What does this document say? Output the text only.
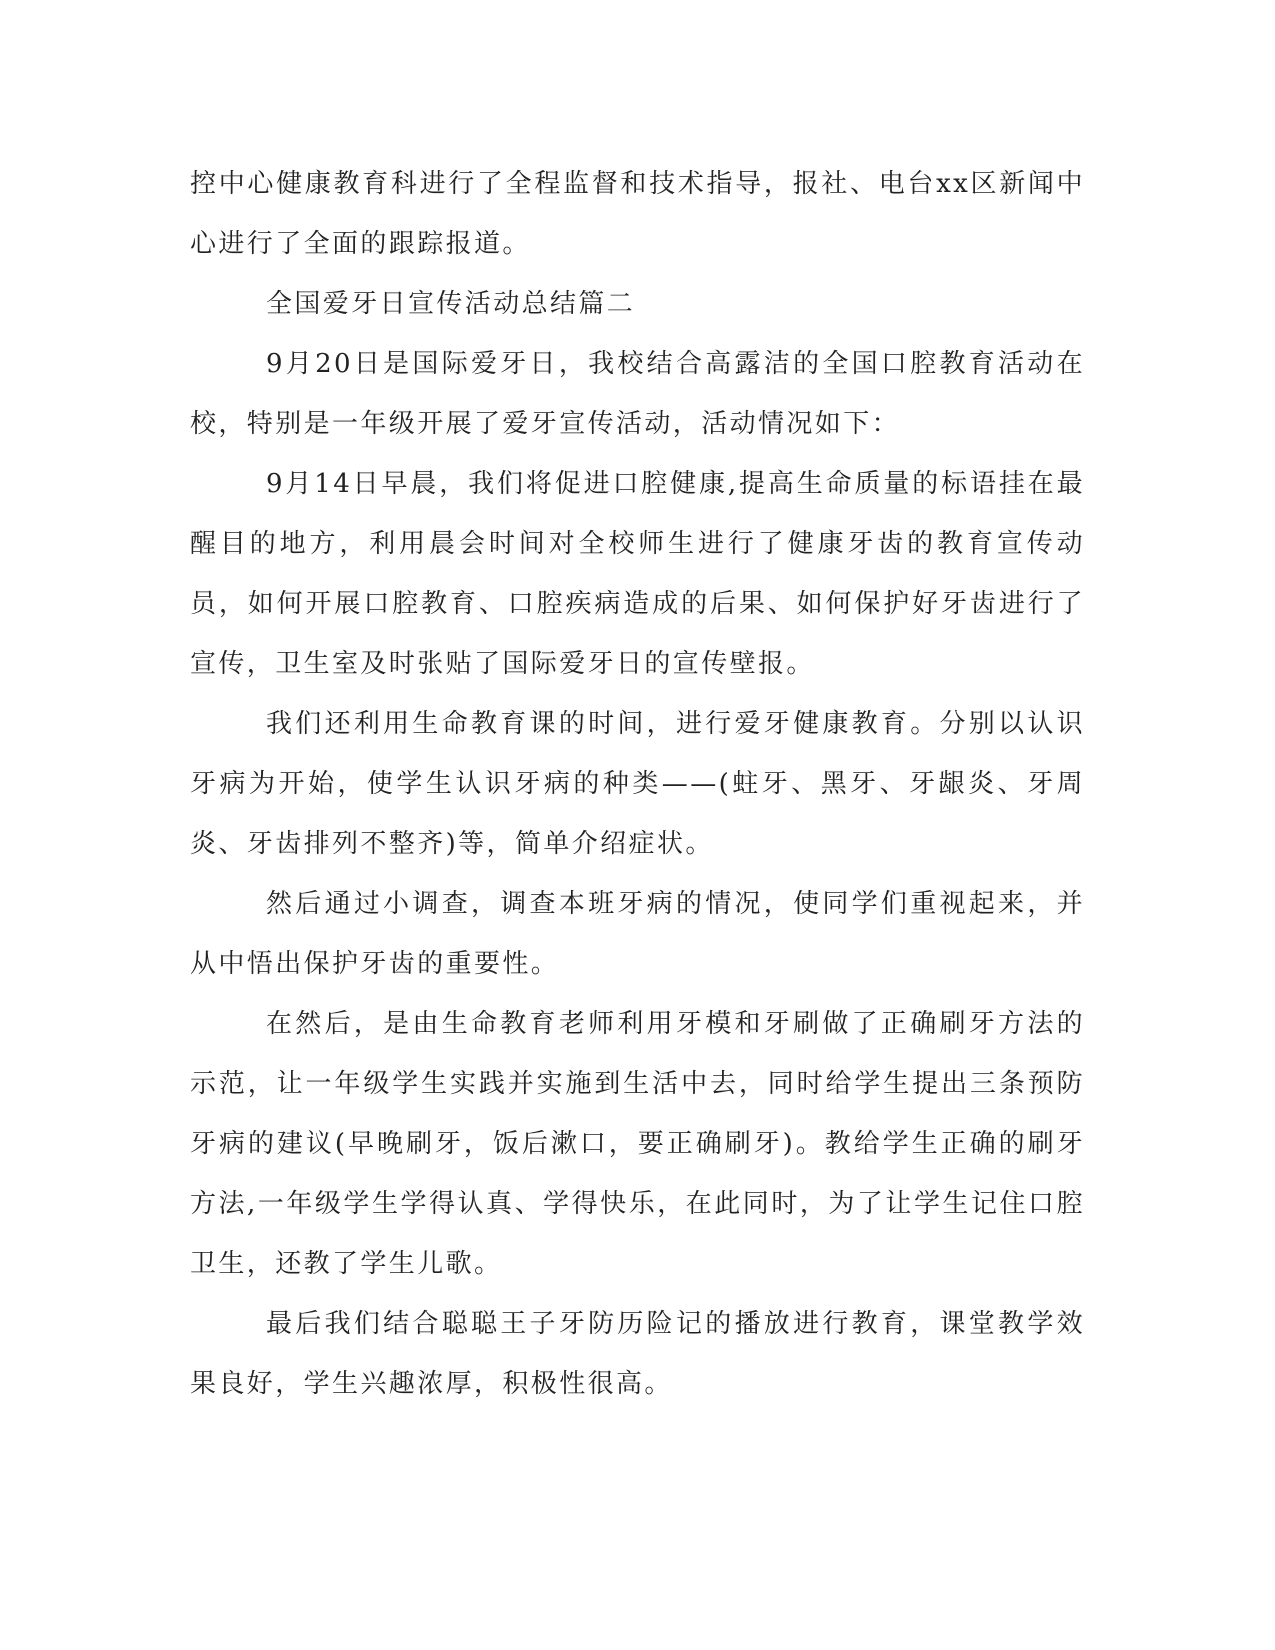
控中心健康教育科进行了全程监督和技术指导，报社、电台xx区新闻中心进行了全面的跟踪报道。

全国爱牙日宣传活动总结篇二

9月20日是国际爱牙日，我校结合高露洁的全国口腔教育活动在校，特别是一年级开展了爱牙宣传活动，活动情况如下：

9月14日早晨，我们将促进口腔健康,提高生命质量的标语挂在最醒目的地方，利用晨会时间对全校师生进行了健康牙齿的教育宣传动员，如何开展口腔教育、口腔疾病造成的后果、如何保护好牙齿进行了宣传，卫生室及时张贴了国际爱牙日的宣传壁报。

我们还利用生命教育课的时间，进行爱牙健康教育。分别以认识牙病为开始，使学生认识牙病的种类——(蛀牙、黑牙、牙龈炎、牙周炎、牙齿排列不整齐)等，简单介绍症状。

然后通过小调查，调查本班牙病的情况，使同学们重视起来，并从中悟出保护牙齿的重要性。

在然后，是由生命教育老师利用牙模和牙刷做了正确刷牙方法的示范，让一年级学生实践并实施到生活中去，同时给学生提出三条预防牙病的建议(早晚刷牙，饭后漱口，要正确刷牙)。教给学生正确的刷牙方法,一年级学生学得认真、学得快乐，在此同时，为了让学生记住口腔卫生，还教了学生儿歌。

最后我们结合聪聪王子牙防历险记的播放进行教育，课堂教学效果良好，学生兴趣浓厚，积极性很高。
